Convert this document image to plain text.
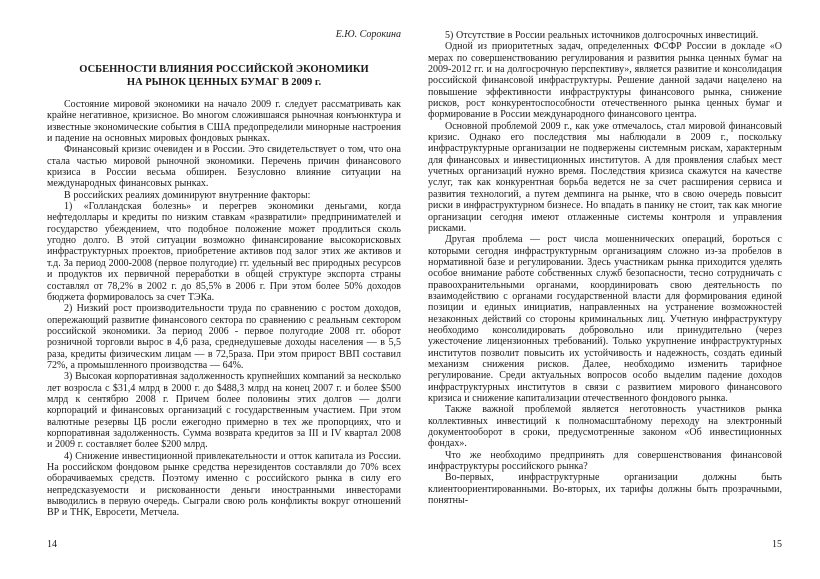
Е.Ю. Сорокина
ОСБЕННОСТИ ВЛИЯНИЯ РОССИЙСКОЙ ЭКОНОМИКИ
НА РЫНОК ЦЕННЫХ БУМАГ В 2009 г.

Состояние мировой экономики на начало 2009 г. следует рассматривать как крайне негативное, кризисное. Во многом сложившаяся рыночная конъюнктура и известные экономические события в США предопределили минорные настроения и падение на основных мировых фондовых рынках.

Финансовый кризис очевиден и в России. Это свидетельствует о том, что она стала частью мировой рыночной экономики. Перечень причин финансового кризиса в России весьма обширен. Безусловно влияние ситуации на международных финансовых рынках.

В российских реалиях доминируют внутренние факторы:

1) «Голландская болезнь» и перегрев экономики деньгами, когда нефтедоллары и кредиты по низким ставкам «развратили» предпринимателей и государство убеждением, что подобное положение может продлиться сколь угодно долго. В этой ситуации возможно финансирование высокорисковых инфраструктурных проектов, приобретение активов под залог этих же активов и т.д. За период 2000-2008 (первое полугодие) гг. удельный вес природных ресурсов и продуктов их первичной переработки в общей структуре экспорта страны составлял от 78,2% в 2002 г. до 85,5% в 2006 г. При этом более 50% доходов бюджета формировалось за счет ТЭКа.

2) Низкий рост производительности труда по сравнению с ростом доходов, опережающий развитие финансового сектора по сравнению с реальным сектором российской экономики. За период 2006 - первое полугодие 2008 гг. оборот розничной торговли вырос в 4,6 раза, среднедушевые доходы населения — в 5,5 раза, кредиты физическим лицам — в 72,5раза. При этом прирост ВВП составил 72%, а промышленного производства — 64%.

3) Высокая корпоративная задолженность крупнейших компаний за несколько лет возросла с $31,4 млрд в 2000 г. до $488,3 млрд на конец 2007 г. и более $500 млрд к сентябрю 2008 г. Причем более половины этих долгов — долги корпораций и финансовых организаций с государственным участием. При этом валютные резервы ЦБ росли ежегодно примерно в тех же пропорциях, что и корпоративная задолженность. Сумма возврата кредитов за III и IV квартал 2008 и 2009 г. составляет более $200 млрд.

4) Снижение инвестиционной привлекательности и отток капитала из России. На российском фондовом рынке средства нерезидентов составляли до 70% всех оборачиваемых средств. Поэтому именно с российского рынка в силу его непредсказуемости и рискованности деньги иностранными инвесторами выводились в первую очередь. Сыграли свою роль конфликты вокруг отношений ВР и ТНК, Евросети, Метчела.

5) Отсутствие в России реальных источников долгосрочных инвестиций.

Одной из приоритетных задач, определенных ФСФР России в докладе «О мерах по совершенствованию регулирования и развития рынка ценных бумаг на 2009-2012 гг. и на долгосрочную перспективу», является развитие и консолидация российской финансовой инфраструктуры. Решение данной задачи нацелено на повышение эффективности инфраструктуры финансового рынка, снижение рисков, рост конкурентоспособности отечественного рынка ценных бумаг и формирование в России международного финансового центра.

Основной проблемой 2009 г., как уже отмечалось, стал мировой финансовый кризис. Однако его последствия мы наблюдали в 2009 г., поскольку инфраструктурные организации не подвержены системным рискам, характерным для финансовых и инвестиционных институтов. А для проявления слабых мест учетных организаций нужно время. Последствия кризиса скажутся на качестве услуг, так как конкурентная борьба ведется не за счет расширения сервиса и развития технологий, а путем демпинга на рынке, что в свою очередь повысит риски в инфраструктурном бизнесе. Но впадать в панику не стоит, так как многие организации сегодня имеют отлаженные системы контроля и управления рисками.

Другая проблема — рост числа мошеннических операций, бороться с которыми сегодня инфраструктурным организациям сложно из-за пробелов в нормативной базе и регулировании. Здесь участникам рынка приходится уделять особое внимание работе собственных служб безопасности, тесно сотрудничать с правоохранительными органами, координировать свою деятельность по взаимодействию с органами государственной власти для формирования единой позиции и единых инициатив, направленных на устранение возможностей незаконных действий со стороны криминальных лиц. Учетную инфраструктуру необходимо консолидировать добровольно или принудительно (через ужесточение лицензионных требований). Только укрупнение инфраструктурных институтов позволит повысить их устойчивость и надежность, создать единый механизм снижения рисков. Далее, необходимо изменить тарифное регулирование. Среди актуальных вопросов особо выделим падение доходов инфраструктурных институтов в связи с развитием мирового финансового кризиса и снижение капитализации отечественного фондового рынка.

Также важной проблемой является неготовность участников рынка коллективных инвестиций к полномасштабному переходу на электронный документооборот в сроки, предусмотренные законом «Об инвестиционных фондах».

Что же необходимо предпринять для совершенствования финансовой инфраструктуры российского рынка?

Во-первых, инфраструктурные организации должны быть клиентоориентированными. Во-вторых, их тарифы должны быть прозрачными, понятны-

14	15
